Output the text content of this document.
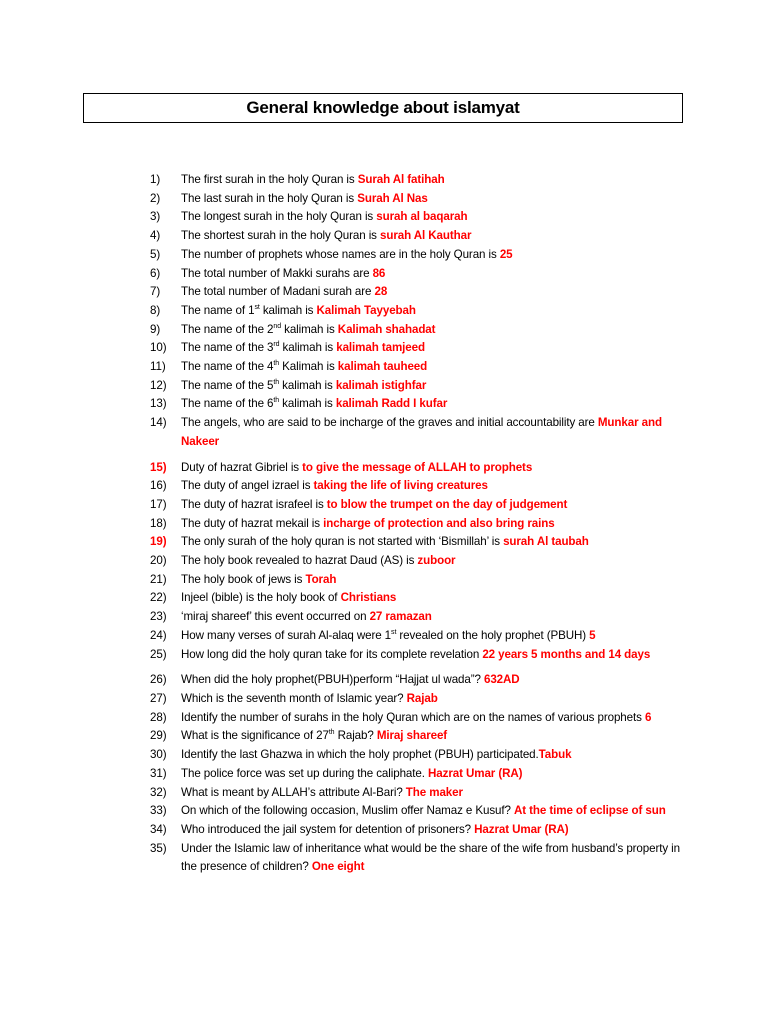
General knowledge about islamyat
1)	The first surah in the holy Quran is Surah Al fatihah
2)	The last surah in the holy Quran is Surah Al Nas
3)	The longest surah in the holy Quran is surah al baqarah
4)	The shortest surah in the holy Quran is surah Al Kauthar
5)	The number of prophets whose names are in the holy Quran is 25
6)	The total number of Makki surahs are 86
7)	The total number of Madani surah are 28
8)	The name of 1st kalimah is Kalimah Tayyebah
9)	The name of the 2nd kalimah is Kalimah shahadat
10)	The name of the 3rd kalimah is kalimah tamjeed
11)	The name of the 4th Kalimah is kalimah tauheed
12)	The name of the 5th kalimah is kalimah istighfar
13)	The name of the 6th kalimah is kalimah Radd I kufar
14)	The angels, who are said to be incharge of the graves and initial accountability are Munkar and Nakeer
15)	Duty of hazrat Gibriel is to give the message of ALLAH to prophets
16)	The duty of angel izrael is taking the life of living creatures
17)	The duty of hazrat israfeel is to blow the trumpet on the day of judgement
18)	The duty of hazrat mekail is incharge of protection and also bring rains
19)	The only surah of the holy quran is not started with ‘Bismillah’ is surah Al taubah
20)	The holy book revealed to hazrat Daud (AS) is zuboor
21)	The holy book of jews is Torah
22)	Injeel (bible) is the holy book of Christians
23)	‘miraj shareef’ this event occurred on 27 ramazan
24)	How many verses of surah Al-alaq were 1st revealed on the holy prophet (PBUH) 5
25)	How long did the holy quran take for its complete revelation 22 years 5 months and 14 days
26)	When did the holy prophet(PBUH)perform “Hajjat ul wada”? 632AD
27)	Which is the seventh month of Islamic year? Rajab
28)	Identify the number of surahs in the holy Quran which are on the names of various prophets 6
29)	What is the significance of 27th Rajab? Miraj shareef
30)	Identify the last Ghazwa in which the holy prophet (PBUH) participated.Tabuk
31)	The police force was set up during the caliphate. Hazrat Umar (RA)
32)	What is meant by ALLAH’s attribute Al-Bari? The maker
33)	On which of the following occasion, Muslim offer Namaz e Kusuf? At the time of eclipse of sun
34)	Who introduced the jail system for detention of prisoners? Hazrat Umar (RA)
35)	Under the Islamic law of inheritance what would be the share of the wife from husband’s property in the presence of children? One eight
